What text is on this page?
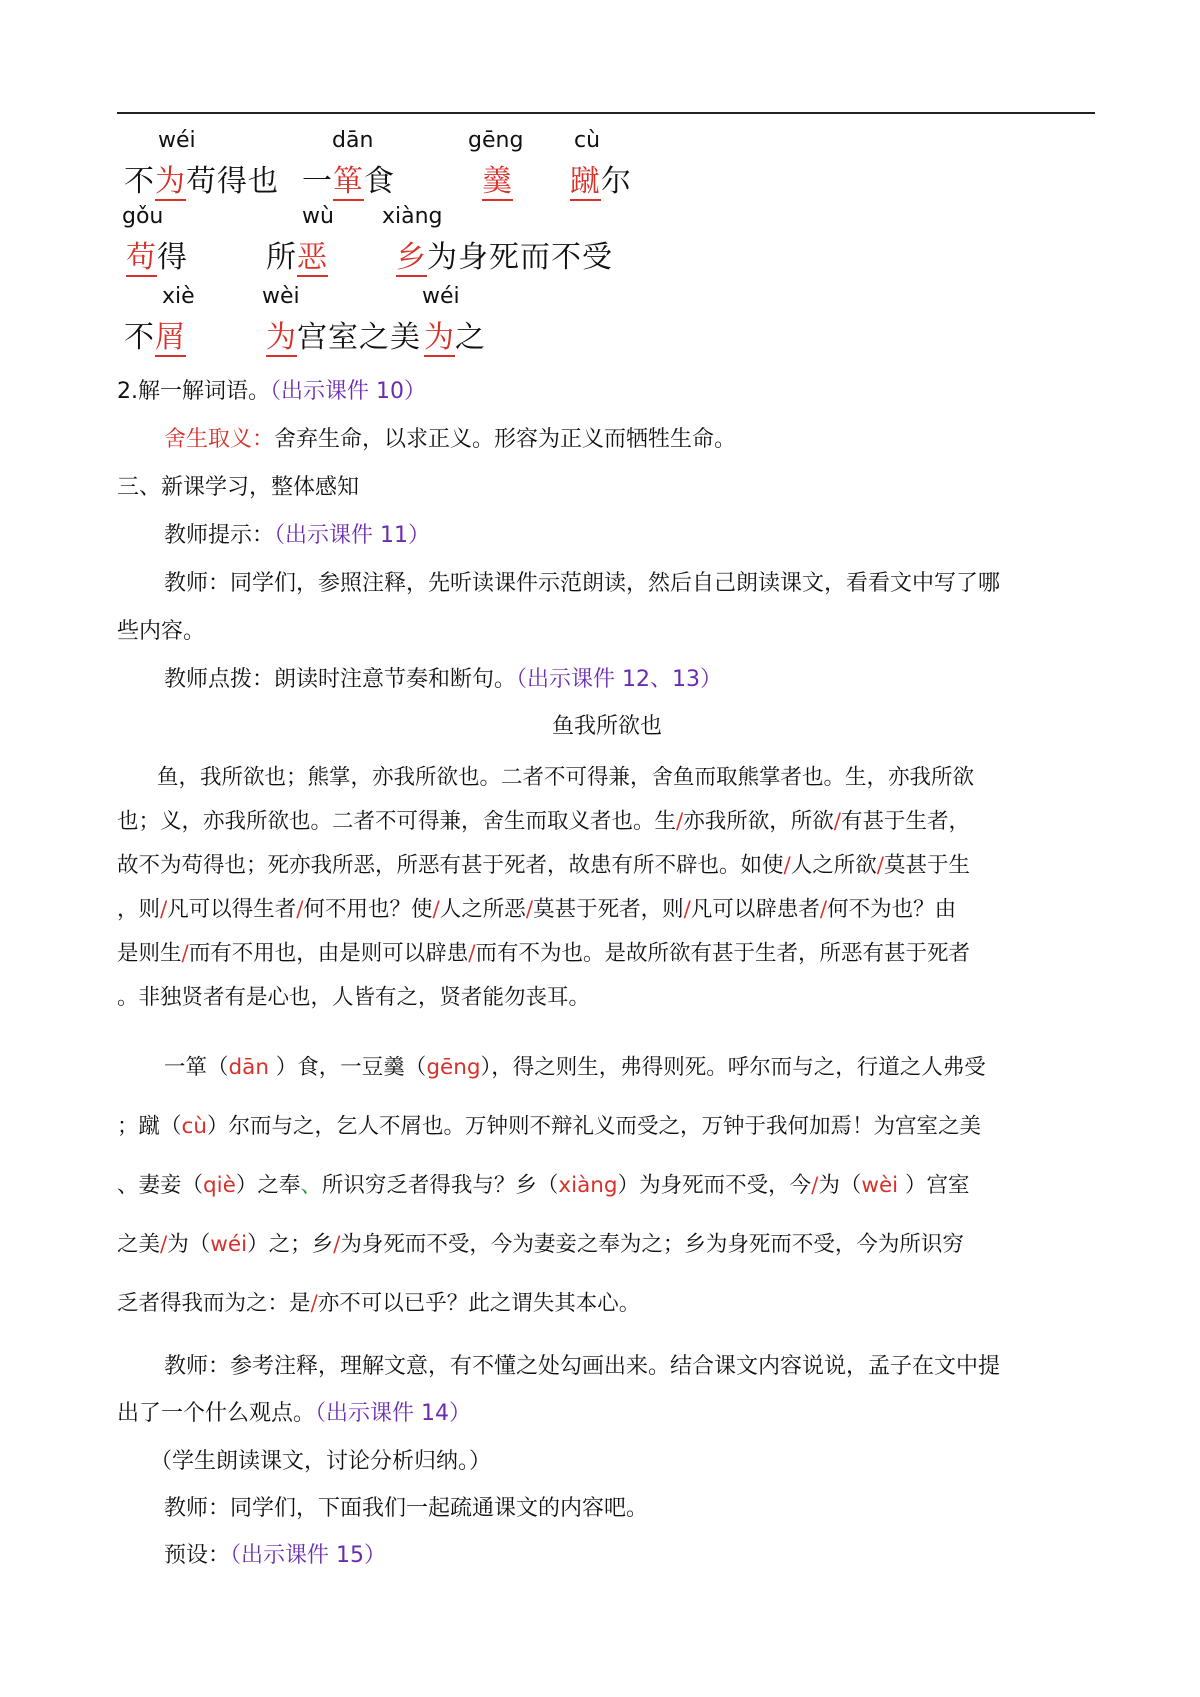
wéi
不为苟得也
dān
一箪食
gēng
羹
cù
蹴尔
gǒu
苟得
wù
所恶
xiàng
乡为身死而不受
xiè
不屑
wèi
为宫室之美
wéi
为之
2.解一解词语。（出示课件 10）
舍生取义：舍弃生命，以求正义。形容为正义而牺牲生命。
三、新课学习，整体感知
教师提示：（出示课件 11）
教师：同学们，参照注释，先听读课件示范朗读，然后自己朗读课文，看看文中写了哪
些内容。
教师点拨：朗读时注意节奏和断句。（出示课件 12、13）
鱼我所欲也
鱼，我所欲也；熊掌，亦我所欲也。二者不可得兼，舍鱼而取熊掌者也。生，亦我所欲
也；义，亦我所欲也。二者不可得兼，舍生而取义者也。生/亦我所欲，所欲/有甚于生者，
故不为苟得也；死亦我所恶，所恶有甚于死者，故患有所不辟也。如使/人之所欲/莫甚于生
，则/凡可以得生者/何不用也？使/人之所恶/莫甚于死者，则/凡可以辟患者/何不为也？由
是则生/而有不用也，由是则可以辟患/而有不为也。是故所欲有甚于生者，所恶有甚于死者
。非独贤者有是心也，人皆有之，贤者能勿丧耳。
一箪（dān ）食，一豆羹（gēng），得之则生，弗得则死。呼尔而与之，行道之人弗受
；蹴（cù）尔而与之，乞人不屑也。万钟则不辩礼义而受之，万钟于我何加焉！为宫室之美
、妻妾（qiè）之奉、所识穷乏者得我与？乡（xiàng）为身死而不受，今/为（wèi ）宫室
之美/为（wéi）之；乡/为身死而不受，今为妻妾之奉为之；乡为身死而不受，今为所识穷
乏者得我而为之：是/亦不可以已乎？此之谓失其本心。
教师：参考注释，理解文意，有不懂之处勾画出来。结合课文内容说说，孟子在文中提
出了一个什么观点。（出示课件 14）
（学生朗读课文，讨论分析归纳。）
教师：同学们，下面我们一起疏通课文的内容吧。
预设：（出示课件 15）
